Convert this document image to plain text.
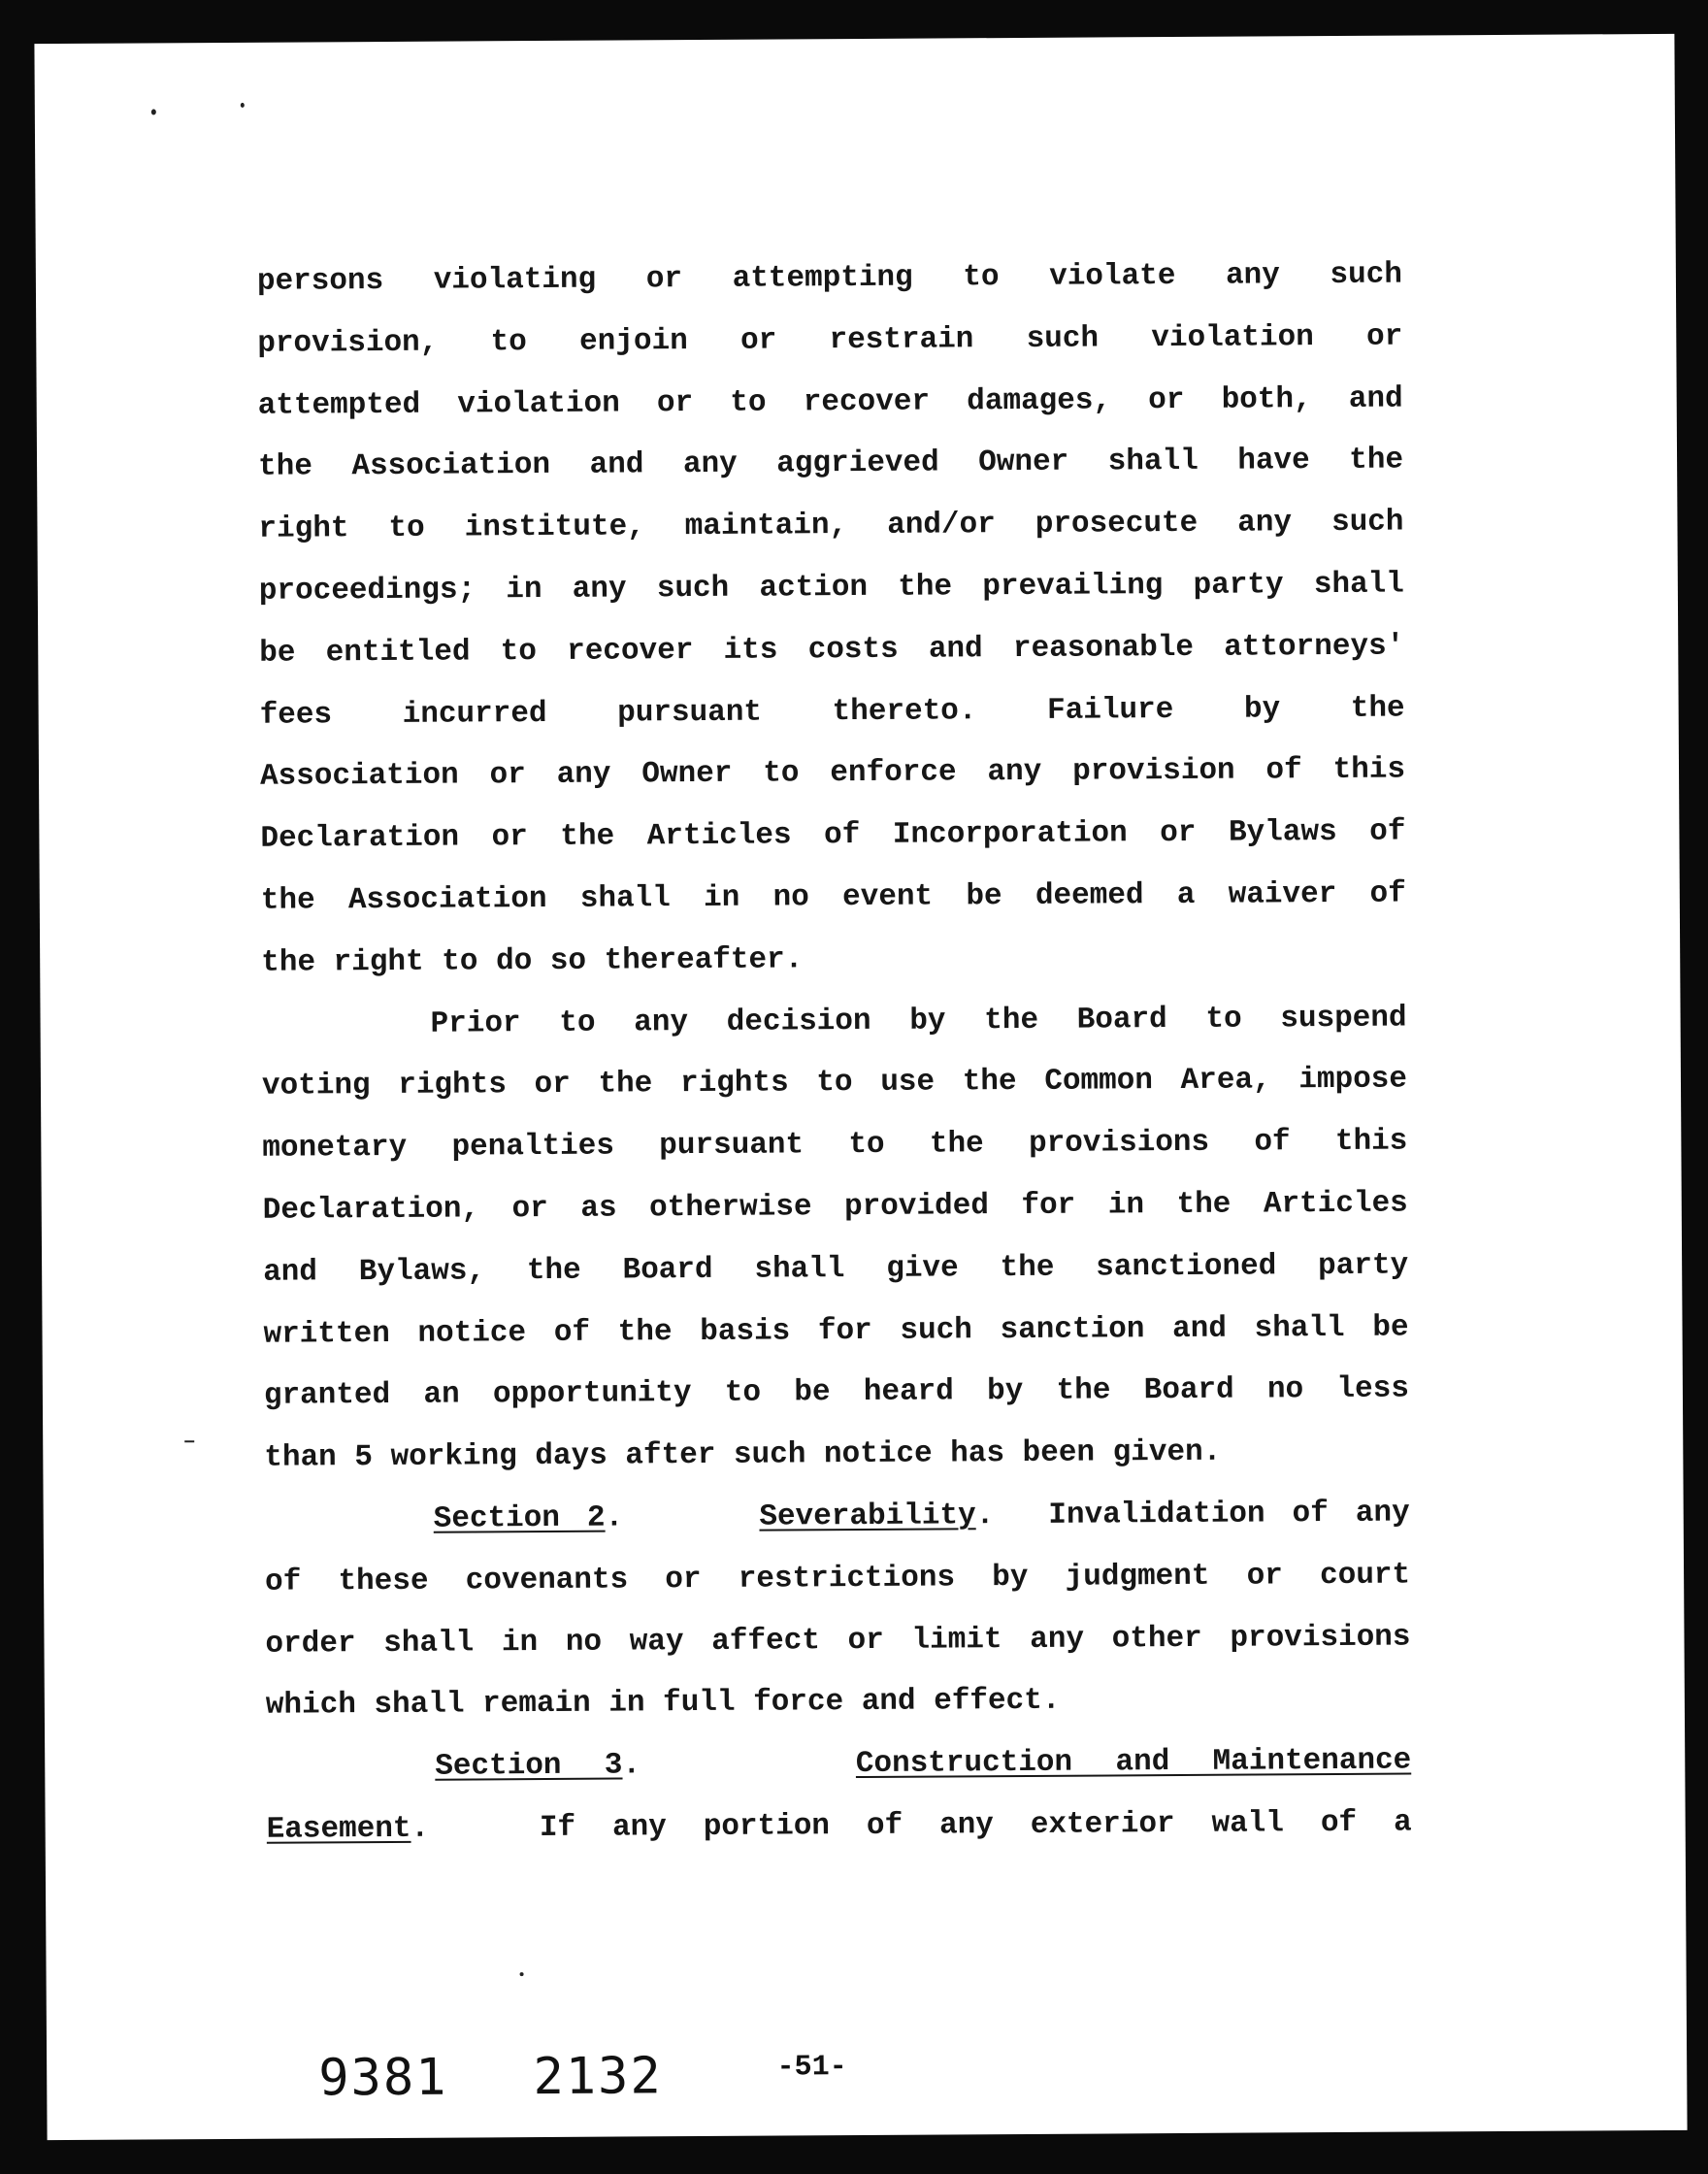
persons violating or attempting to violate any such
provision, to enjoin or restrain such violation or
attempted violation or to recover damages, or both, and
the Association and any aggrieved Owner shall have the
right to institute, maintain, and/or prosecute any such
proceedings; in any such action the prevailing party shall
be entitled to recover its costs and reasonable attorneys'
fees incurred pursuant thereto. Failure by the
Association or any Owner to enforce any provision of this
Declaration or the Articles of Incorporation or Bylaws of
the Association shall in no event be deemed a waiver of
the right to do so thereafter.

Prior to any decision by the Board to suspend
voting rights or the rights to use the Common Area, impose
monetary penalties pursuant to the provisions of this
Declaration, or as otherwise provided for in the Articles
and Bylaws, the Board shall give the sanctioned party
written notice of the basis for such sanction and shall be
granted an opportunity to be heard by the Board no less
than 5 working days after such notice has been given.

Section 2.     Severability.  Invalidation of any
of these covenants or restrictions by judgment or court
order shall in no way affect or limit any other provisions
which shall remain in full force and effect.

Section 3.     Construction and Maintenance
Easement.   If any portion of any exterior wall of a

9381 2132	-51-
